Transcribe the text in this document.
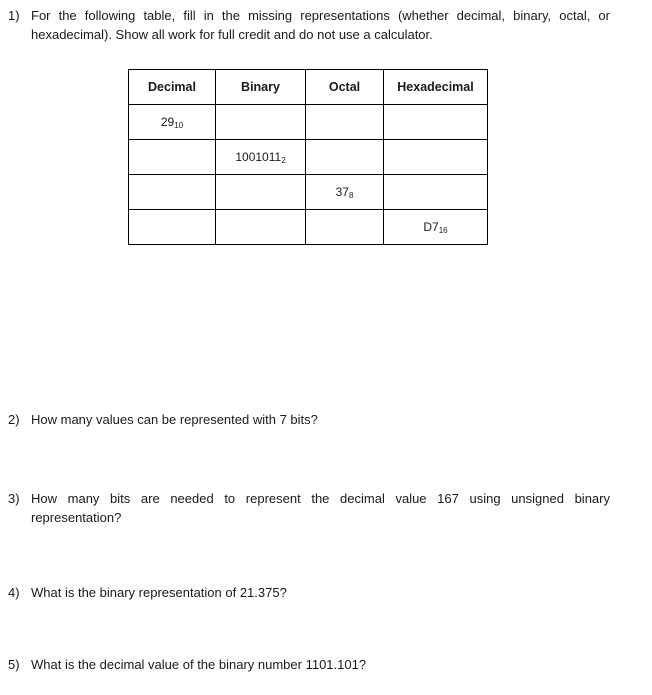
1) For the following table, fill in the missing representations (whether decimal, binary, octal, or hexadecimal). Show all work for full credit and do not use a calculator.
Decimal	Binary	Octal	Hexadecimal
$29_{10}$			
	$1001011_2$		
		$37_8$	
			$D7_{16}$
2) How many values can be represented with 7 bits?
3) How many bits are needed to represent the decimal value 167 using unsigned binary representation?
4) What is the binary representation of 21.375?
5) What is the decimal value of the binary number 1101.101?
